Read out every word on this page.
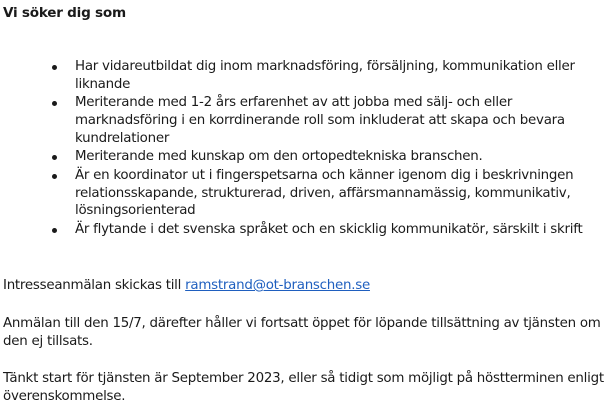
Vi söker dig som
Har vidareutbildat dig inom marknadsföring, försäljning, kommunikation eller liknande
Meriterande med 1-2 års erfarenhet av att jobba med sälj- och eller marknadsföring i en korrdinerande roll som inkluderat att skapa och bevara kundrelationer
Meriterande med kunskap om den ortopedtekniska branschen.
Är en koordinator ut i fingerspetsarna och känner igenom dig i beskrivningen relationsskapande, strukturerad, driven, affärsmannamässig, kommunikativ, lösningsorienterad
Är flytande i det svenska språket och en skicklig kommunikatör, särskilt i skrift

Intresseanmälan skickas till ramstrand@ot-branschen.se

Anmälan till den 15/7, därefter håller vi fortsatt öppet för löpande tillsättning av tjänsten om den ej tillsats.

Tänkt start för tjänsten är September 2023, eller så tidigt som möjligt på höstterminen enligt överenskommelse.
